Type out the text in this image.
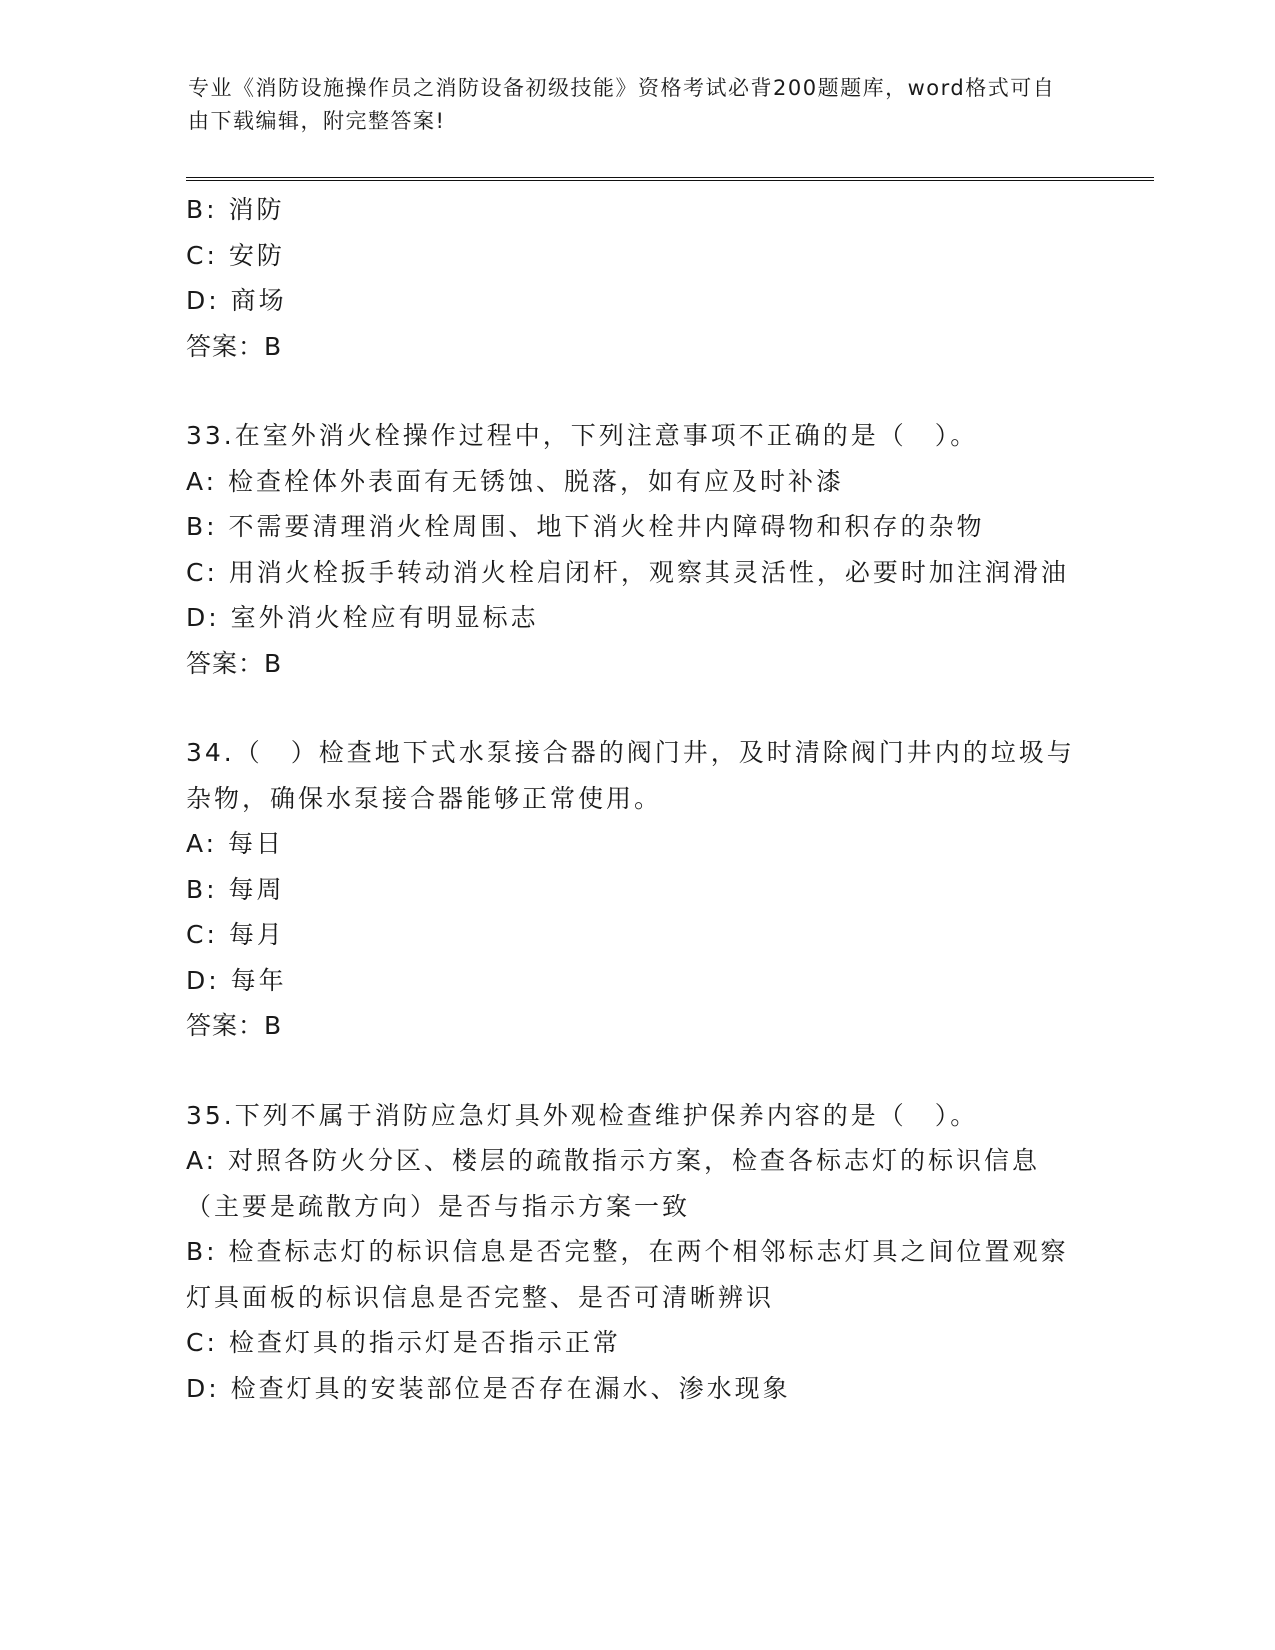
专业《消防设施操作员之消防设备初级技能》资格考试必背200题题库，word格式可自由下载编辑，附完整答案!

B: 消防

C: 安防

D: 商场

答案：B

33.在室外消火栓操作过程中，下列注意事项不正确的是（　）。

A: 检查栓体外表面有无锈蚀、脱落，如有应及时补漆

B: 不需要清理消火栓周围、地下消火栓井内障碍物和积存的杂物

C: 用消火栓扳手转动消火栓启闭杆，观察其灵活性，必要时加注润滑油

D: 室外消火栓应有明显标志

答案：B

34.（　）检查地下式水泵接合器的阀门井，及时清除阀门井内的垃圾与杂物，确保水泵接合器能够正常使用。

A: 每日

B: 每周

C: 每月

D: 每年

答案：B

35.下列不属于消防应急灯具外观检查维护保养内容的是（　）。

A: 对照各防火分区、楼层的疏散指示方案，检查各标志灯的标识信息（主要是疏散方向）是否与指示方案一致

B: 检查标志灯的标识信息是否完整，在两个相邻标志灯具之间位置观察灯具面板的标识信息是否完整、是否可清晰辨识

C: 检查灯具的指示灯是否指示正常

D: 检查灯具的安装部位是否存在漏水、渗水现象
